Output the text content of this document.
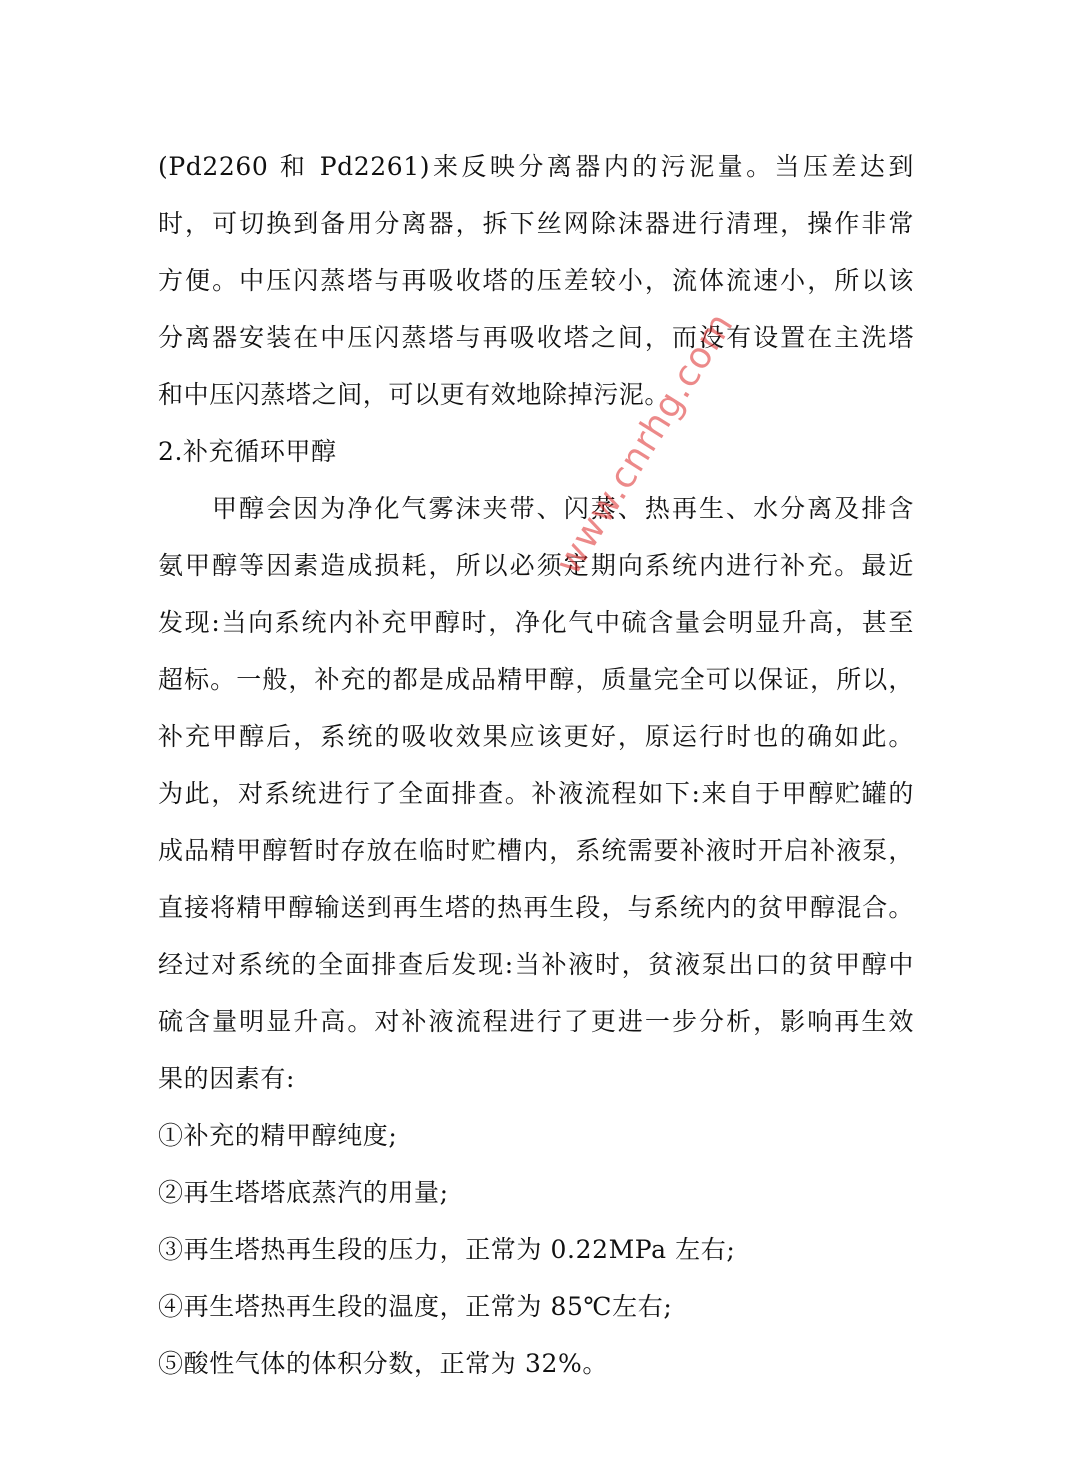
(Pd2260 和 Pd2261)来反映分离器内的污泥量。当压差达到
时，可切换到备用分离器，拆下丝网除沫器进行清理，操作非常
方便。中压闪蒸塔与再吸收塔的压差较小，流体流速小，所以该
分离器安装在中压闪蒸塔与再吸收塔之间，而没有设置在主洗塔
和中压闪蒸塔之间，可以更有效地除掉污泥。
2.补充循环甲醇
甲醇会因为净化气雾沫夹带、闪蒸、热再生、水分离及排含
氨甲醇等因素造成损耗，所以必须定期向系统内进行补充。最近
发现:当向系统内补充甲醇时，净化气中硫含量会明显升高，甚至
超标。一般，补充的都是成品精甲醇，质量完全可以保证，所以，
补充甲醇后，系统的吸收效果应该更好，原运行时也的确如此。
为此，对系统进行了全面排查。补液流程如下:来自于甲醇贮罐的
成品精甲醇暂时存放在临时贮槽内，系统需要补液时开启补液泵，
直接将精甲醇输送到再生塔的热再生段，与系统内的贫甲醇混合。
经过对系统的全面排查后发现:当补液时，贫液泵出口的贫甲醇中
硫含量明显升高。对补液流程进行了更进一步分析，影响再生效
果的因素有:
①补充的精甲醇纯度;
②再生塔塔底蒸汽的用量;
③再生塔热再生段的压力，正常为 0.22MPa 左右;
④再生塔热再生段的温度，正常为 85℃左右;
⑤酸性气体的体积分数，正常为 32%。
www.cnrhg.com
